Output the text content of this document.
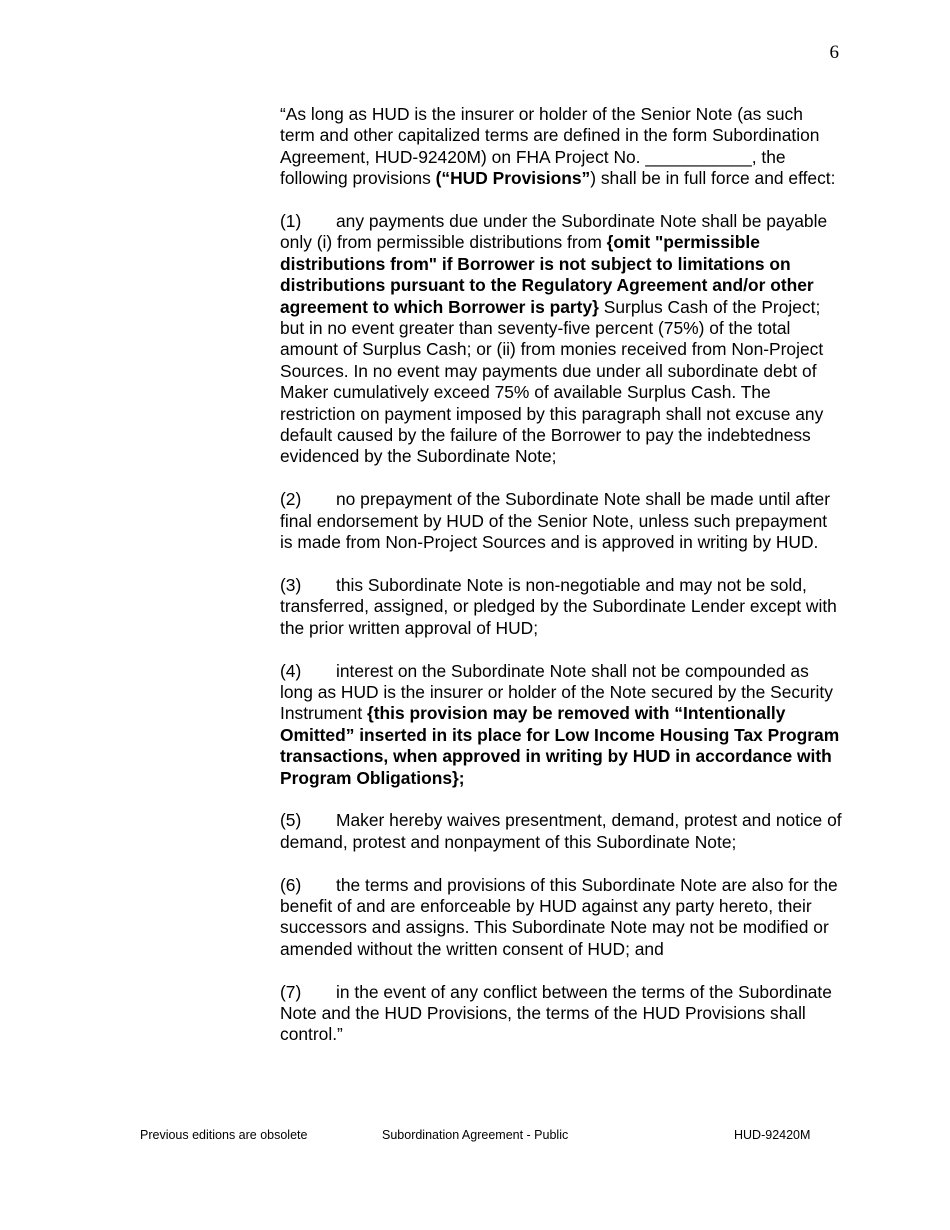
6

“As long as HUD is the insurer or holder of the Senior Note (as such term and other capitalized terms are defined in the form Subordination Agreement, HUD-92420M) on FHA Project No. ___________, the following provisions (“HUD Provisions”) shall be in full force and effect:

(1) any payments due under the Subordinate Note shall be payable only (i) from permissible distributions from {omit "permissible distributions from" if Borrower is not subject to limitations on distributions pursuant to the Regulatory Agreement and/or other agreement to which Borrower is party} Surplus Cash of the Project; but in no event greater than seventy-five percent (75%) of the total amount of Surplus Cash; or (ii) from monies received from Non-Project Sources. In no event may payments due under all subordinate debt of Maker cumulatively exceed 75% of available Surplus Cash. The restriction on payment imposed by this paragraph shall not excuse any default caused by the failure of the Borrower to pay the indebtedness evidenced by the Subordinate Note;

(2) no prepayment of the Subordinate Note shall be made until after final endorsement by HUD of the Senior Note, unless such prepayment is made from Non-Project Sources and is approved in writing by HUD.

(3) this Subordinate Note is non-negotiable and may not be sold, transferred, assigned, or pledged by the Subordinate Lender except with the prior written approval of HUD;

(4) interest on the Subordinate Note shall not be compounded as long as HUD is the insurer or holder of the Note secured by the Security Instrument {this provision may be removed with “Intentionally Omitted” inserted in its place for Low Income Housing Tax Program transactions, when approved in writing by HUD in accordance with Program Obligations};

(5) Maker hereby waives presentment, demand, protest and notice of demand, protest and nonpayment of this Subordinate Note;

(6) the terms and provisions of this Subordinate Note are also for the benefit of and are enforceable by HUD against any party hereto, their successors and assigns. This Subordinate Note may not be modified or amended without the written consent of HUD; and

(7) in the event of any conflict between the terms of the Subordinate Note and the HUD Provisions, the terms of the HUD Provisions shall control.”

Previous editions are obsolete	Subordination Agreement - Public	HUD-92420M
